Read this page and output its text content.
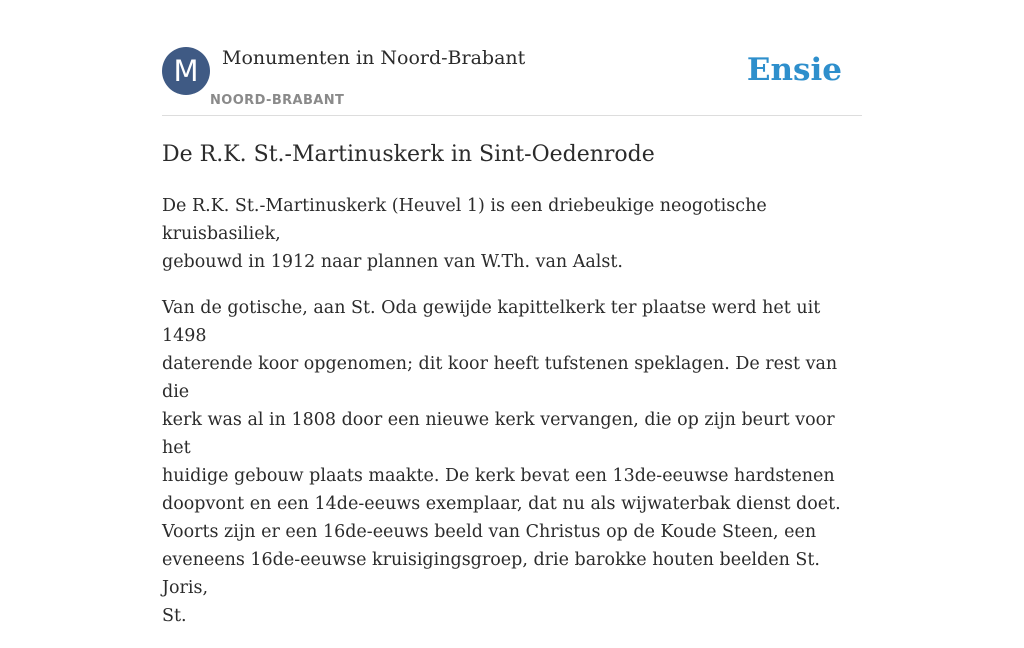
M	Monumenten in Noord-Brabant
NOORD-BRABANT
Ensie
De R.K. St.-Martinuskerk in Sint-Oedenrode

De R.K. St.-Martinuskerk (Heuvel 1) is een driebeukige neogotische kruisbasiliek,
gebouwd in 1912 naar plannen van W.Th. van Aalst.

Van de gotische, aan St. Oda gewijde kapittelkerk ter plaatse werd het uit 1498
daterende koor opgenomen; dit koor heeft tufstenen speklagen. De rest van die
kerk was al in 1808 door een nieuwe kerk vervangen, die op zijn beurt voor het
huidige gebouw plaats maakte. De kerk bevat een 13de-eeuwse hardstenen
doopvont en een 14de-eeuws exemplaar, dat nu als wijwaterbak dienst doet.
Voorts zijn er een 16de-eeuws beeld van Christus op de Koude Steen, een
eveneens 16de-eeuwse kruisigingsgroep, drie barokke houten beelden St. Joris,
St.
